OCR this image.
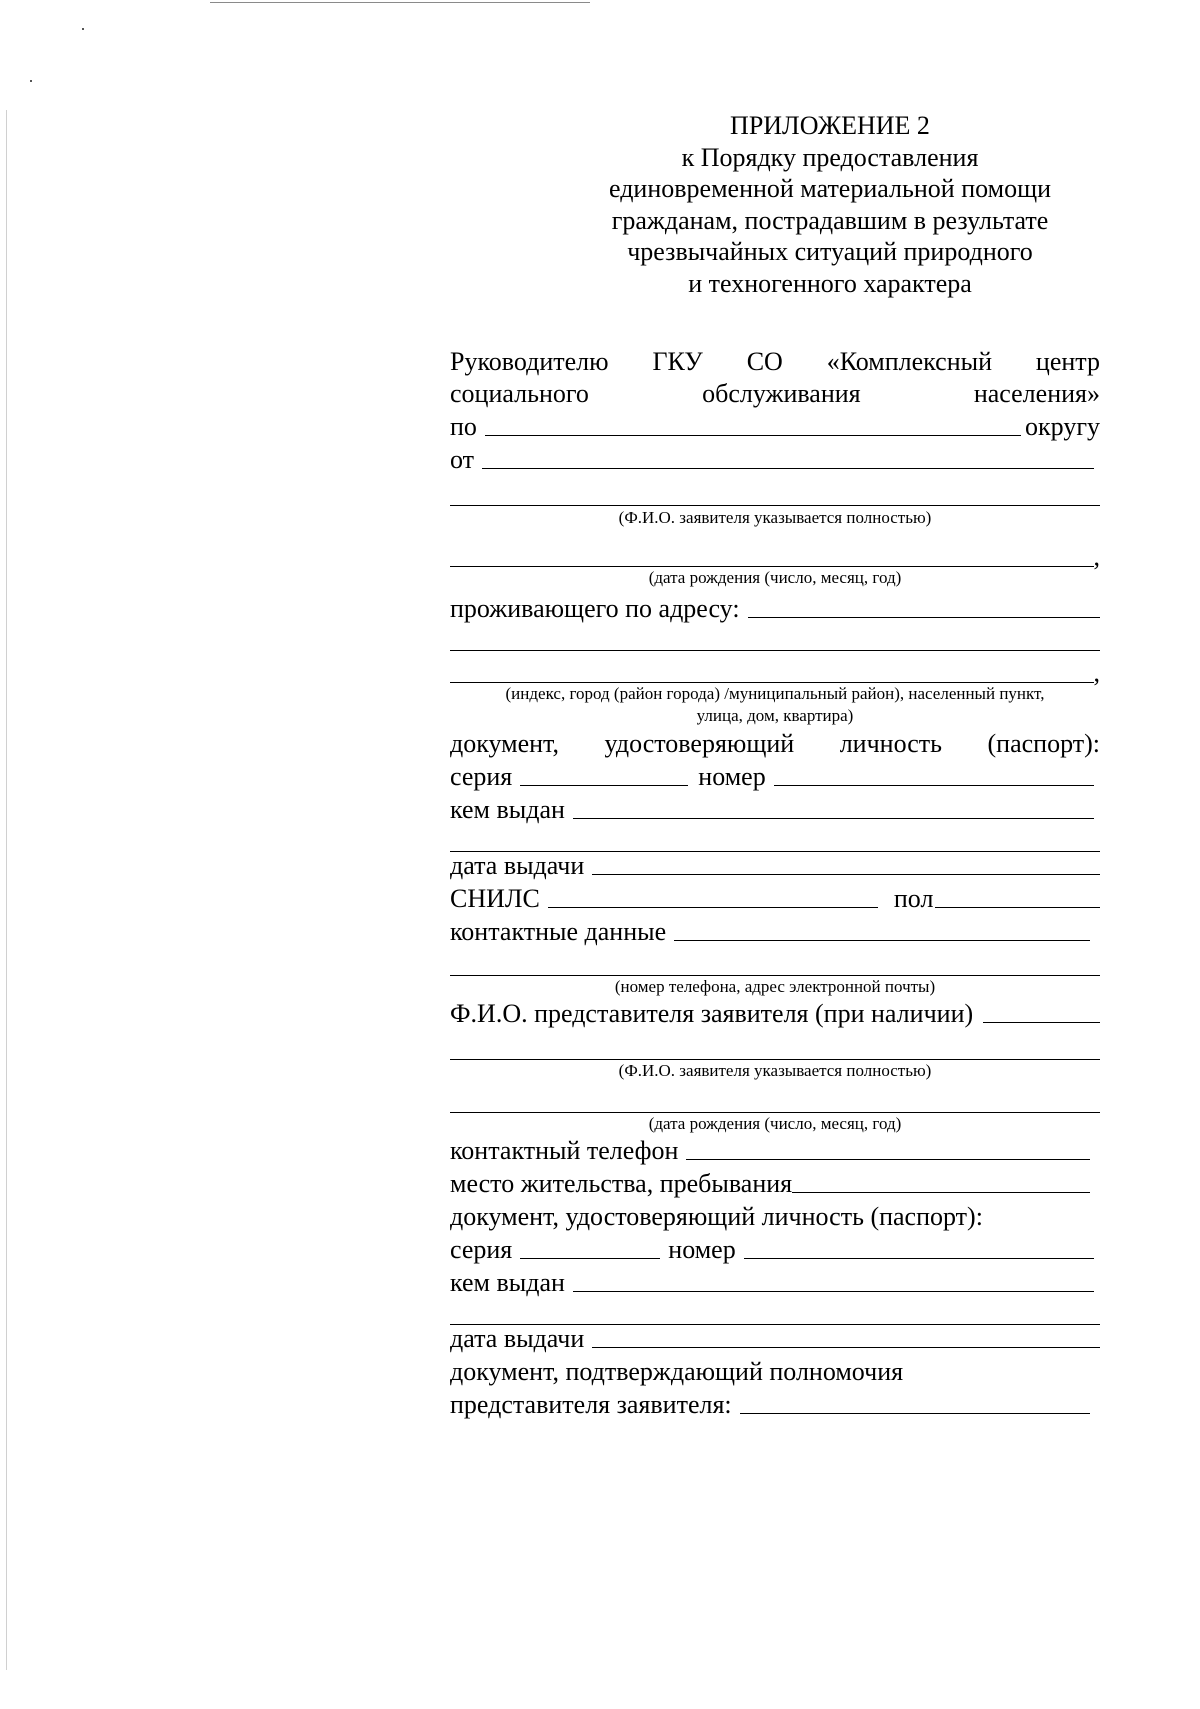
ПРИЛОЖЕНИЕ 2
к Порядку предоставления
единовременной материальной помощи
гражданам, пострадавшим в результате
чрезвычайных ситуаций природного
и техногенного характера
Руководителю ГКУ СО «Комплексный центр
социального	обслуживания	населения»
по	округу
от
(Ф.И.О. заявителя указывается полностью)
,
(дата рождения (число, месяц, год)
проживающего по адресу:
,
(индекс, город (район города) /муниципальный район), населенный пункт,
улица, дом, квартира)
документ, удостоверяющий личность (паспорт):
серия	номер
кем выдан
дата выдачи
СНИЛС	пол
контактные данные
(номер телефона, адрес электронной почты)
Ф.И.О. представителя заявителя (при наличии)
(Ф.И.О. заявителя указывается полностью)
(дата рождения (число, месяц, год)
контактный телефон
место жительства, пребывания
документ, удостоверяющий личность (паспорт):
серия	номер
кем выдан
дата выдачи
документ, подтверждающий полномочия
представителя заявителя:
